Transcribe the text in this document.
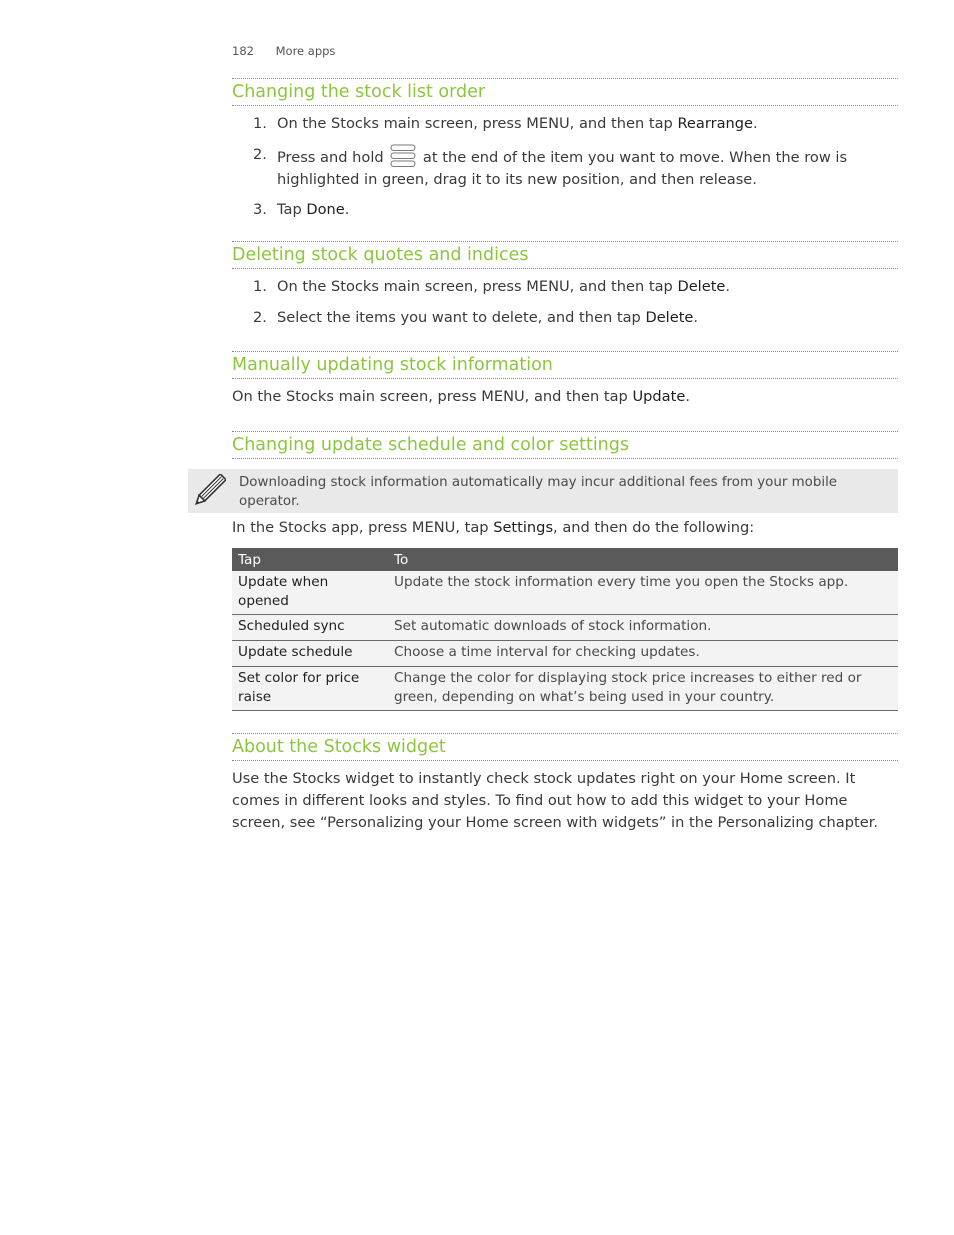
182 More apps
Changing the stock list order
1. On the Stocks main screen, press MENU, and then tap Rearrange.
2. Press and hold  at the end of the item you want to move. When the row is highlighted in green, drag it to its new position, and then release.
3. Tap Done.
Deleting stock quotes and indices
1. On the Stocks main screen, press MENU, and then tap Delete.
2. Select the items you want to delete, and then tap Delete.
Manually updating stock information
On the Stocks main screen, press MENU, and then tap Update.
Changing update schedule and color settings
Downloading stock information automatically may incur additional fees from your mobile operator.
In the Stocks app, press MENU, tap Settings, and then do the following:
Tap	To
Update when opened	Update the stock information every time you open the Stocks app.
Scheduled sync	Set automatic downloads of stock information.
Update schedule	Choose a time interval for checking updates.
Set color for price raise	Change the color for displaying stock price increases to either red or green, depending on what’s being used in your country.
About the Stocks widget
Use the Stocks widget to instantly check stock updates right on your Home screen. It comes in different looks and styles. To find out how to add this widget to your Home screen, see “Personalizing your Home screen with widgets” in the Personalizing chapter.
